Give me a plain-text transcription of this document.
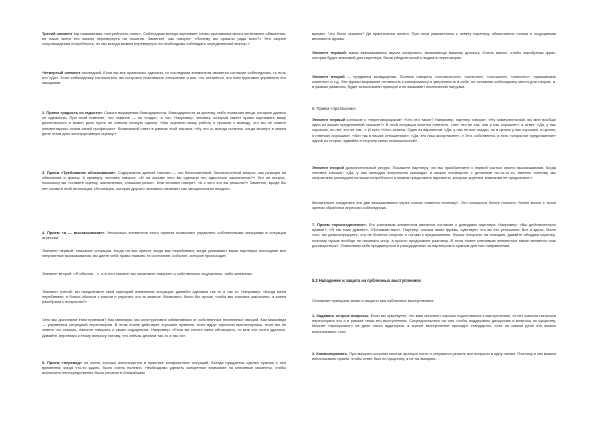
Третий элемент так называемая «потребность плюс». Собеседник всегда оценивает слово противника много негативнее обвинения, не наше всего его можно перевернуть на позитив. Заметьте, как говорит: «Почему вы пришли ради всех?» Это скорее сопровождения потребность, но мы всегда можем перевернуть на необходимо соблюдать определенный вектор.»

Четвертый элемент последний. Если вы все правильно сделали, то последним элементом является согласие собеседника, то есть его «Да». Если собеседнику согласиться, вы получите позитивное отношение и все, что останется, это конструктивно управлять его эмоциями.

2. Прием «радость из гадости». Смысл выражения благодарности, благодарности за критику, либо похвалил вещи, которые далеко не идеальны. При этом помните, что главное — не «надо», а «я». Например, человек, который имеет право оценивать вашу деятельность и может дать пусть не совсем полную оценку: «Мы оценили вашу работу и пришли к выводу, что вы не знаете элементарных основ своей профессии». Возможный ответ в рамках этой тактики: «Ну что ж, всегда полезно, когда эксперт в своем деле готов дать конструктивную оценку.»

3. Прием «Требование обоснования». Содержание данной тактики — это беспочвенный, безличностный вопрос, как реакция на обвинения и факты. К примеру, человек говорит: «И на основе чего вы сделали это идиотское заключение?» Это не вопрос, поскольку вы «ставите оценку, заключению, слишком резко». Или человек говорит: «А с чего это вы решили?» Заметьте, вроде бы нет слова в этой интонации. Интонация, которая другого человека начинает как эмоционально входить.

4. Прием «и — высказывание». Несколько элементов этого приема позволяют управлять собственными эмоциями в ситуации агрессии.

Элемент первый: описание ситуации. Когда на вас кричат, когда вас перебивают, когда указывают ваши партнеры последние все неприятные высказывания, вы даете себе право назвать то состояние, событие, которое происходит.

Элемент второй: «Я обычно…», и в этот момент вы начинаете говорить о собственных ощущениях, либо желаниях.

Элемент третий: вы предлагаете свой сценарий изменения ситуации: давайте сделаем так то и так то. Например: «Когда меня перебивают, я боюсь сбиться с мысли и упустить что-то важное. Возможно, было бы лучше, чтобы мы сначала закончили, а затем разобрали с вопросом?»

Чего мы достигаем этим приемом? Как минимум, мы конструктивно избавляемся от собственных негативных эмоций. Как максимум — управляем ситуацией переговоров. В этом плане действует хорошее правило: если вдруг агрессия выплеснулась, если вы не знаете что сказать, начните говорить о своих ощущениях. Например: «Если вы хотите меня обговорить, то мне это почти удалось. Давайте, вернемся к этому вопросу потому, что сейчас делаем так-то и так-то».

5. Прием «перевод» он очень хорошо используется в практике конфликтных ситуаций. Всегда нуждается сделка нужная с тем временем, когда что-то ждать, было очень полезно. Необходимо уделить конкретное внимание на ключевые моменты, чтобы исключить непосредственно было решено в ближайшем

время». Что было сказано? Да практически ничего. При этом уважительно к ответу партнеру объясняется логика и ощущаемая весомость фразы.

Элемент первый: ваши высказывания звучат конфликто, вызывающе вашему диалогу. Очень важно, чтобы атрибутика фраз, которая будет значимой для партнера, была убедительной и видна в переговорах.

Элемент второй — предметы возмущения. Полные говорить «согласиться», «конечно», «согласен», «понятно», «уважаемые клиенты» и т.д. Эти фразы выражают готовность к компромиссу и уверенность в себе, не оставляя собеседнику места для споров, и, в рамках развития, будет использован принцип и не вызывает исключений нагрузки.

6. Прием «протеконис»

Элемент первый согласие с «переговорщиком» «Что это такое? Например, партнер говорит: «Ну замечательный, вы мне вообще одно из ваших предложений сказали?» В этой ситуации хочется ответить, «нет, это не так, они у нас хорошие», а ответ: «Да, у нас хорошие, но нет, это не так...» И есть «Что»-ответы. Один из вариантов: «Да, у нас не все гладко, но в целом у нас хорошее, в целом, я отвечаю хорошим». «Вот так в наших отношениях». «Да, это наш ассортимент...» Это, собственно, и есть «открытое предложение» одной из сторон, вдвойне в сторону своих возможностей».

Элемент второй дополнительный ресурс. Покажите партнеру, что вы приобретаете с первой частью своего высказывания. Когда человек слышит: «Да, у нас молодая энергичная команда» и можно поговорить с деталями по-то-то-то, именно поэтому мы оперативно реагируем на ваши потребности и можем предложить варианты, которые крупные компании не предлагают».

Желательно соединить эти две высказывания через союзы «именно поэтому». Это слышится более логично, более метко с точки зрения обработки агрессии собеседника.

7. Прием «присоединение». Его ключевым элементом является согласие с доводами партнера. Например: «Вы действительно правы!», «Я так тоже думаю!», «Понимаю вас!». Партнер, слыша такие фразы, чувствует, что вы его услышали. Вот и здесь. Мало того, вы демонстрируете, что не боитесь спорить и готовы к предложению. Лучше получить на позицию, давайте обсудим партнер, поэтому лучше вообще не начинать спор, а просто продолжите разговор. В этом плане ключевым элементом также является «как договориться». Позволяем себе продвинуться в рассуждениях за партнером в нужном для нас направлении.

5.3 Нападение и защита на публичных выступлениях

Основные принципы атаки и защиты при публичных выступлениях:

1. Задавать острые вопросы. Если вы чувствуете, что ваш оппонент хорошо подготовился к выступлению, то нет смысла пытаться переспорить его и в рамках темы его выступления. Сосредоточьтесь на том, чтобы поддержать дискуссию и вопросы по существу. Многие «пропускают» на деле часть аудитории, а значит выступление проходит стандартно, хотя на самом деле это можно использовать «за».

2. Компилировать. При мощных колонах многие оратора хотят и стараются решить все вопросы в одну линию. Поэтому и мы можем использовать прием, чтобы ответ был по существу, а не на эмоциях...
